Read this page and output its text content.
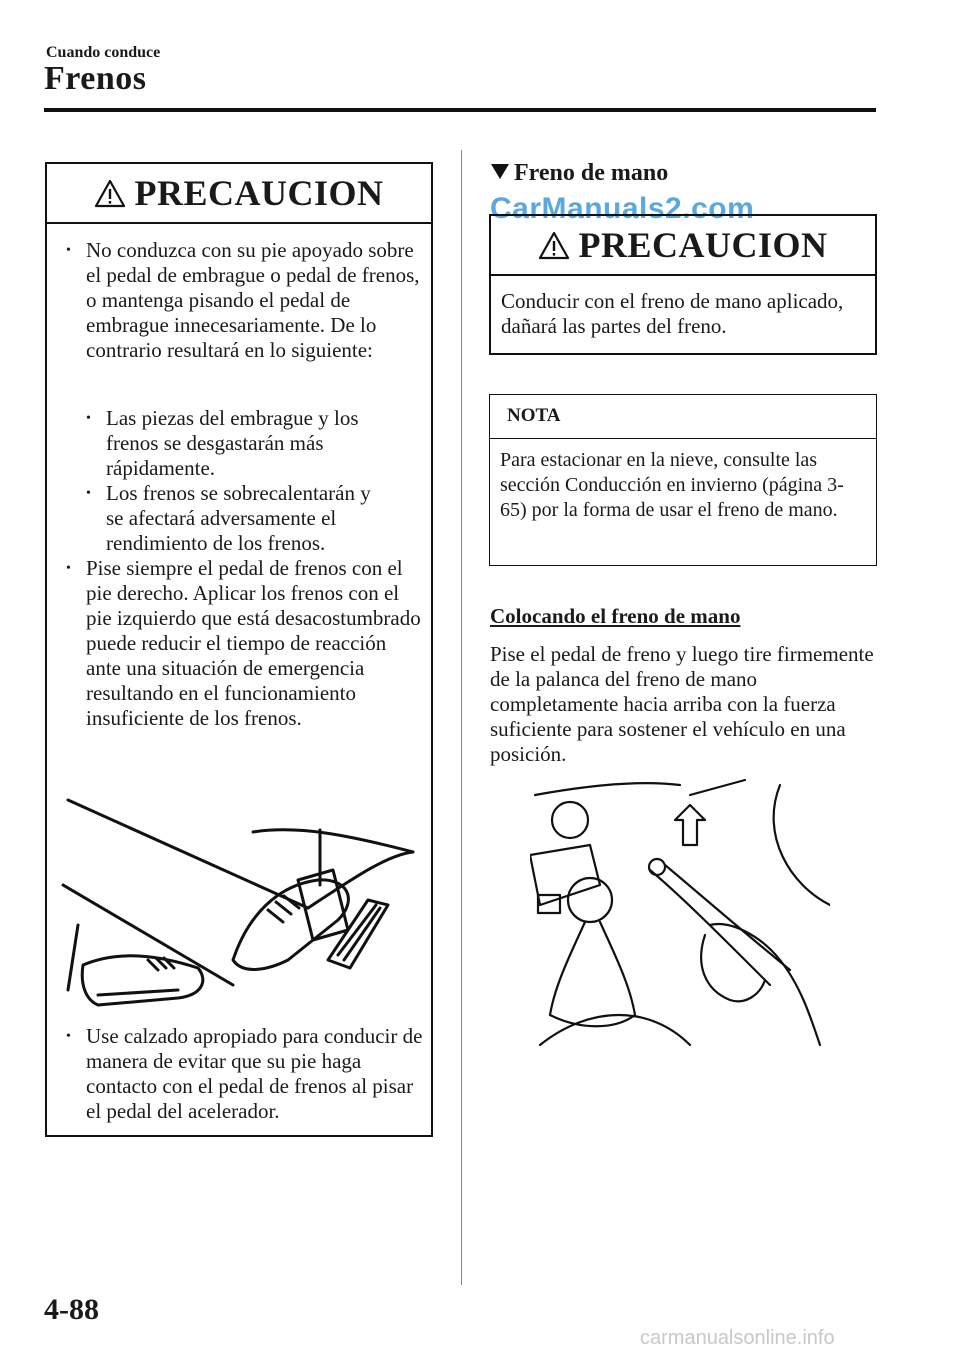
Cuando conduce
Frenos
PRECAUCION
• No conduzca con su pie apoyado sobre el pedal de embrague o pedal de frenos, o mantenga pisando el pedal de embrague innecesariamente. De lo contrario resultará en lo siguiente:
• Las piezas del embrague y los frenos se desgastarán más rápidamente.
• Los frenos se sobrecalentarán y se afectará adversamente el rendimiento de los frenos.
• Pise siempre el pedal de frenos con el pie derecho. Aplicar los frenos con el pie izquierdo que está desacostumbrado puede reducir el tiempo de reacción ante una situación de emergencia resultando en el funcionamiento insuficiente de los frenos.
• Use calzado apropiado para conducir de manera de evitar que su pie haga contacto con el pedal de frenos al pisar el pedal del acelerador.
Freno de mano
CarManuals2.com
PRECAUCION
Conducir con el freno de mano aplicado, dañará las partes del freno.
NOTA
Para estacionar en la nieve, consulte las sección Conducción en invierno (página 3-65) por la forma de usar el freno de mano.
Colocando el freno de mano
Pise el pedal de freno y luego tire firmemente de la palanca del freno de mano completamente hacia arriba con la fuerza suficiente para sostener el vehículo en una posición.
4-88
carmanualsonline.info
